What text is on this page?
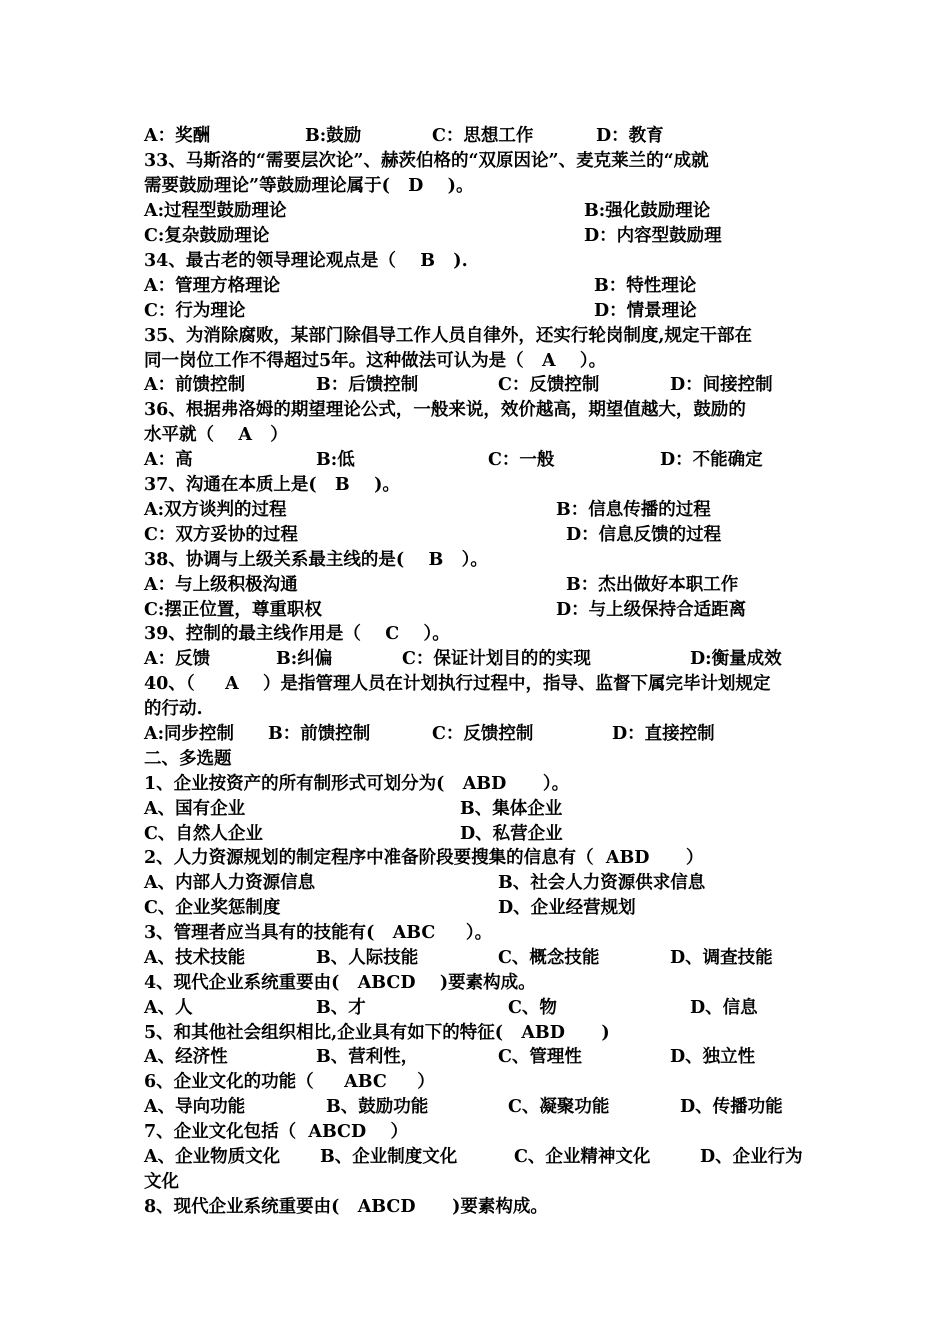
A：奖酬	B:鼓励	C：思想工作	D：教育
33、马斯洛的“需要层次论”、赫茨伯格的“双原因论”、麦克莱兰的“成就
需要鼓励理论”等鼓励理论属于(   D    )。
A:过程型鼓励理论	B:强化鼓励理论
C:复杂鼓励理论	D：内容型鼓励理
34、最古老的领导理论观点是（    B   ).
A：管理方格理论	B：特性理论
C：行为理论	D：情景理论
35、为消除腐败，某部门除倡导工作人员自律外，还实行轮岗制度,规定干部在
同一岗位工作不得超过5年。这种做法可认为是（   A    ）。
A：前馈控制	B：后馈控制	C：反馈控制	D：间接控制
36、根据弗洛姆的期望理论公式，一般来说，效价越高，期望值越大，鼓励的
水平就（    A   ）
A：高	B:低	C：一般	D：不能确定
37、沟通在本质上是(   B    )。
A:双方谈判的过程	B：信息传播的过程
C：双方妥协的过程	D：信息反馈的过程
38、协调与上级关系最主线的是(    B   ）。
A：与上级积极沟通	B：杰出做好本职工作
C:摆正位置，尊重职权	D：与上级保持合适距离
39、控制的最主线作用是（    C    ）。
A：反馈	B:纠偏	C：保证计划目的的实现	D:衡量成效
40、（     A    ）是指管理人员在计划执行过程中，指导、监督下属完毕计划规定
的行动.
A:同步控制 B：前馈控制	C：反馈控制	D：直接控制
二、多选题
1、企业按资产的所有制形式可划分为(   ABD      ）。
A、国有企业	B、集体企业
C、自然人企业	D、私营企业
2、人力资源规划的制定程序中准备阶段要搜集的信息有（  ABD      ）
A、内部人力资源信息	B、社会人力资源供求信息
C、企业奖惩制度	D、企业经营规划
3、管理者应当具有的技能有(   ABC     ）。
A、技术技能	B、人际技能	C、概念技能	D、调查技能
4、现代企业系统重要由(   ABCD    )要素构成。
A、人	B、才	C、物	D、信息
5、和其他社会组织相比,企业具有如下的特征(   ABD      )
A、经济性	B、营利性，	C、管理性	D、独立性
6、企业文化的功能（     ABC     ）
A、导向功能	B、鼓励功能	C、凝聚功能	D、传播功能
7、企业文化包括（  ABCD    ）
A、企业物质文化 B、企业制度文化	C、企业精神文化	D、企业行为
文化
8、现代企业系统重要由(   ABCD      )要素构成。
